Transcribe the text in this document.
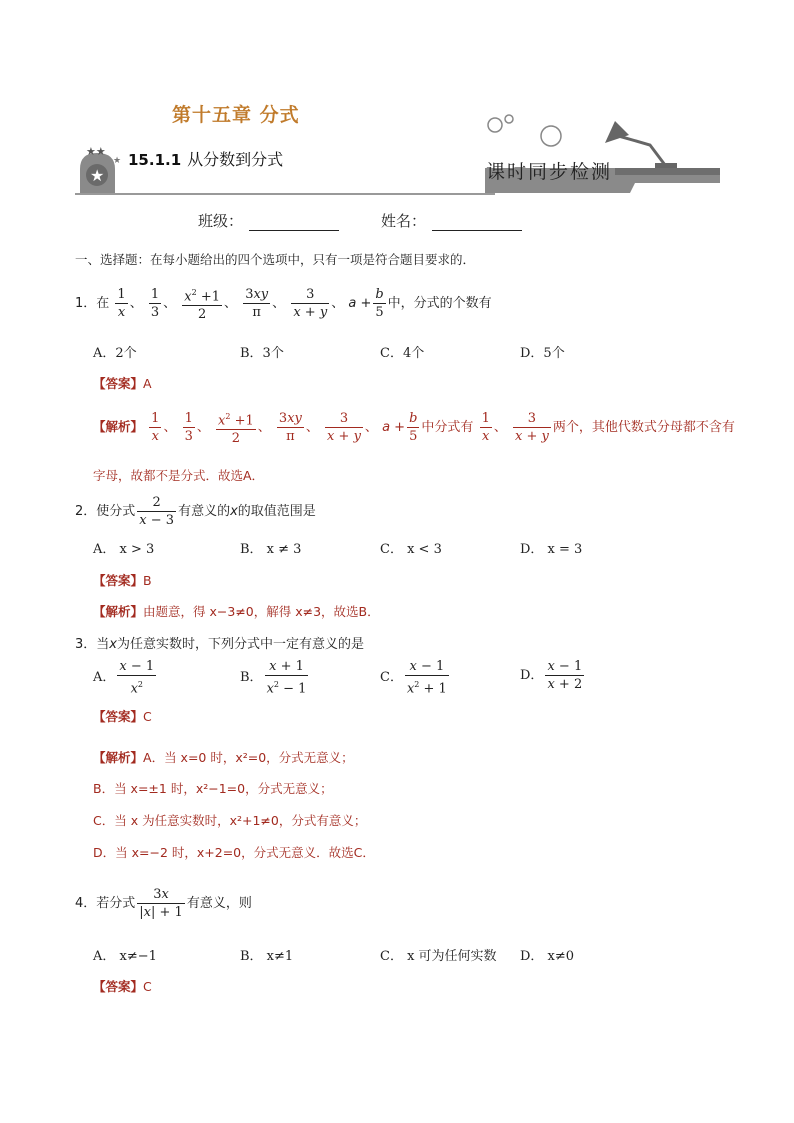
★
★★
★
第十五章 分式
15.1.1 从分数到分式
课时同步检测
班级：	姓名：
一、选择题：在每小题给出的四个选项中，只有一项是符合题目要求的．
1．在 $\frac{1}{x}$ 、 $\frac{1}{3}$ 、 $\frac{x^2 +1}{2}$ 、 $\frac{3xy}{\pi}$ 、 $\frac{3}{x + y}$ 、 $a + \frac{b}{5}$ 中，分式的个数有
A．2个	B．3个	C．4个	D．5个
【答案】A
【解析】 $\frac{1}{x}$ 、 $\frac{1}{3}$ 、 $\frac{x^2 +1}{2}$ 、 $\frac{3xy}{\pi}$ 、 $\frac{3}{x + y}$ 、 $a + \frac{b}{5}$ 中分式有 $\frac{1}{x}$ 、 $\frac{3}{x + y}$ 两个，其他代数式分母都不含有
字母，故都不是分式．故选A．
2．使分式 $\frac{2}{x - 3}$ 有意义的x的取值范围是
A． x > 3	B． x ≠ 3	C． x < 3	D． x = 3
【答案】B
【解析】由题意，得 x−3≠0，解得 x≠3，故选B．
3．当x为任意实数时，下列分式中一定有意义的是
A． $\frac{x - 1}{x^2}$	B． $\frac{x + 1}{x^2 - 1}$	C． $\frac{x - 1}{x^2 + 1}$	D． $\frac{x - 1}{x + 2}$
【答案】C
【解析】A．当 x=0 时，x²=0，分式无意义；
B．当 x=±1 时，x²−1=0，分式无意义；
C．当 x 为任意实数时，x²+1≠0，分式有意义；
D．当 x=−2 时，x+2=0，分式无意义．故选C．
4．若分式 $\frac{3x}{|x| + 1}$ 有意义，则
A． x≠−1	B． x≠1	C． x 可为任何实数 D． x≠0
【答案】C
